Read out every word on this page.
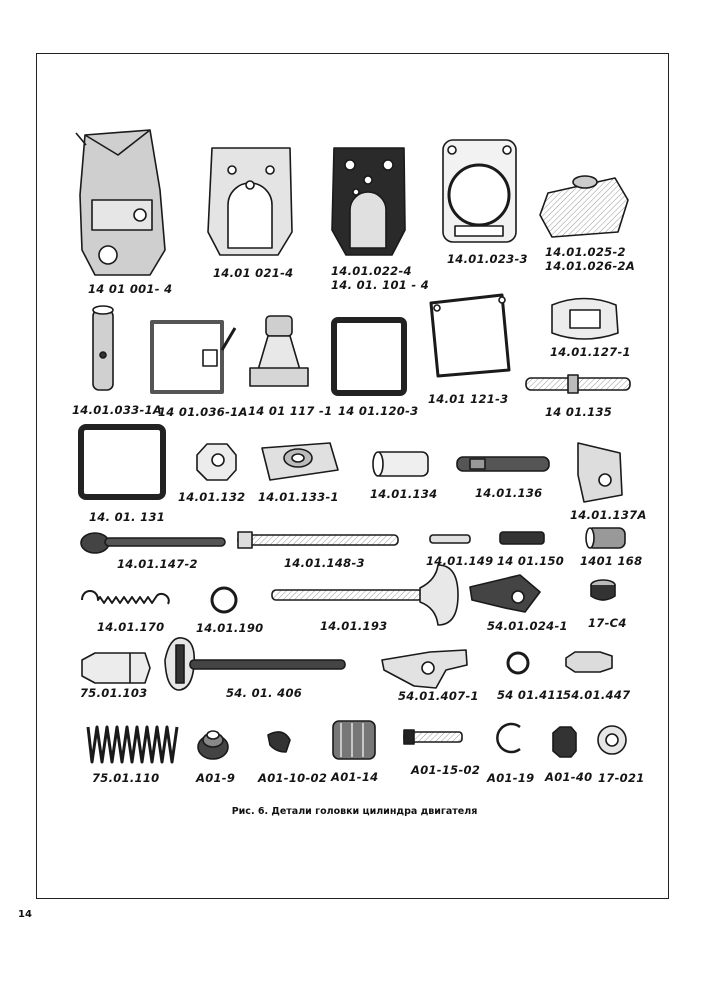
14 01 001- 4
14.01 021-4	14.01.022-4
14. 01. 101 - 4
14.01.023-3 14.01.025-2
14.01.026-2A
14.01.033-1A
14 01.036-1A 14 01 117 -1 14 01.120-3
14.01 121-3
14.01.127-1
14 01.135
14. 01. 131
14.01.132 14.01.133-1	14.01.134	14.01.136
14.01.137A
14.01.147-2	14.01.148-3	14.01.149 14 01.150 1401 168
14.01.170	14.01.190	14.01.193	54.01.024-1 17-C4
75.01.103	54. 01. 406	54.01.407-1 54 01.411
54.01.447
75.01.110	A01-9 A01-10-02 A01-14	A01-15-02
A01-19 A01-40 17-021
Рис. 6. Детали головки цилиндра двигателя
14
